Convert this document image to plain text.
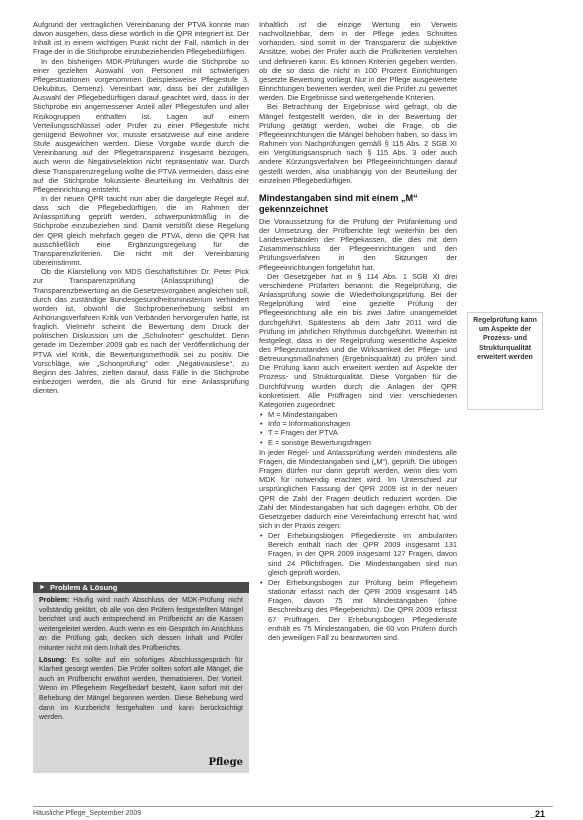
Aufgrund der vertraglichen Vereinbarung der PTVA konnte man davon ausgehen, dass diese wörtlich in die QPR integriert ist. Der Inhalt ist in einem wichtigen Punkt nicht der Fall, nämlich in der Frage der in die Stichprobe einzubeziehenden Pflegebedürftigen.

In den bisherigen MDK-Prüfungen wurde die Stichprobe so einer gezielten Auswahl von Personen mit schwierigen Pflegesituationen vorgenommen (beispielsweise Pflegestufe 3, Dekubitus, Demenz). Vereinbart war, dass bei der zufälligen Auswahl der Pflegebedürftigen darauf geachtet wird, dass in der Stichprobe ein angemessener Anteil aller Pflegestufen und aller Risikogruppen enthalten ist. Lagen auf einem Verteilungsschlüssel oder Prüfer zu einer Pflegestufe nicht genügend Bewohner vor, musste ersatzweise auf eine andere Stufe ausgewichen werden. Diese Vorgabe wurde durch die Vereinbarung auf der Pflegetransparenz insgesamt bezogen, auch wenn die Negativselektion nicht repräsentativ war. Durch diese Transparenzregelung wollte die PTVA vermeiden, dass eine auf die Stichprobe fokussierte Beurteilung im Verhältnis der Pflegeeinrichtung entsteht.

In der neuen QPR taucht nun aber die dargelegte Regel auf, dass sich die Pflegebedürftigen, die im Rahmen der Anlassprüfung geprüft werden, schwerpunktmäßig in die Stichprobe einzubeziehen sind. Damit verstößt diese Regelung der QPR gleich mehrfach gegen die PTVA, denn die QPR hat ausschließlich eine Ergänzungsregelung für die Transparenzkriterien. Die nicht mit der Vereinbarung übereinstimmt.

Ob die Klarstellung von MDS Geschäftsführer Dr. Peter Pick zur Transparenzprüfung (Anlassprüfung) die Transparenzbewertung an die Gesetzesvorgaben angleichen soll, durch das zuständige Bundesgesundheitsministerium verhindert worden ist, obwohl die Stichprobenerhebung selbst im Anhörungsverfahren Kritik von Verbänden hervorgerufen hatte, ist fraglich. Vielmehr scheint die Bewertung dem Druck der politischen Diskussion um die „Schulnoten“ geschuldet. Denn gerade im Dezember 2009 gab es nach der Veröffentlichung der PTVA viel Kritik, die Bewertungsmethodik sei zu positiv. Die Vorschläge, wie „Schonprüfung“ oder „Negativauslese“, zu Beginn des Jahres, zielten darauf, dass Fälle in die Stichprobe einbezogen werden, die als Grund für eine Anlassprüfung dienten.

► Problem & Lösung

Problem: Häufig wird nach Abschluss der MDK-Prüfung nicht vollständig geklärt, ob alle von den Prüfern festgestellten Mängel berichtet und auch entsprechend im Prüfbericht an die Kassen weitergeleitet werden. Auch wenn es ein Gespräch im Anschluss an die Prüfung gab, decken sich dessen Inhalt und Prüfer mitunter nicht mit dem Inhalt des Prüfberichts.

Lösung: Es sollte auf ein sofortiges Abschlussgespräch für Klarheit gesorgt werden. Die Prüfer sollten sofort alle Mängel, die auch im Prüfbericht erwähnt werden, thematisieren. Der Vorteil: Wenn im Pflegeheim Regelbedarf besteht, kann sofort mit der Behebung der Mängel begonnen werden. Diese Behebung wird dann im Kurzbericht festgehalten und kann berücksichtigt werden.

Pflege

Inhaltlich ist die einzige Wertung ein Verweis nachvollziehbar, dem in der Pflege jedes Schnittes vorhanden, sind somit in der Transparenz die subjektive Ansätze, wobei der Prüfer auch die Prüfkriterien verstehen und definieren kann. Es können Kriterien gegeben werden, ob die so dass die nicht in 100 Prozent Einrichtungen gesetzte Bewertung vorliegt. Nur in der Pflege ausgewertete Einrichtungen bewerten werden, weil die Prüfer zu gewertet werden. Die Ergebnisse sind weitergehende Kriterien.

Bei Betrachtung der Ergebnisse wird gefragt, ob die Mängel festgestellt werden, die in der Bewertung der Prüfung getätigt werden, wobei die Frage, ob die Pflegeeinrichtungen die Mängel behoben haben, so dass im Rahmen von Nachprüfungen gemäß § 115 Abs. 2 SGB XI ein Vergütungsanspruch nach § 115 Abs. 3 oder auch andere Kürzungsverfahren bei Pflegeeinrichtungen darauf gestellt werden, also unabhängig von der Beurteilung der einzelnen Pflegebedürftigen.

Mindestangaben sind mit einem „M“ gekennzeichnet

Die Voraussetzung für die Prüfung der Prüfanleitung und der Umsetzung der Prüfberichte legt weiterhin bei den Landesverbänden der Pflegekassen, die dies mit dem Zusammenschluss der Pflegeeinrichtungen und den Prüfungsverfahren in den Sitzungen der Pflegeeinrichtungen fortgeführt hat.

Der Gesetzgeber hat in § 114 Abs. 1 SGB XI drei verschiedene Prüfarten benannt: die Regelprüfung, die Anlassprüfung sowie die Wiederholungsprüfung. Bei der Regelprüfung wird eine gezielte Prüfung der Pflegeeinrichtung alle ein bis zwei Jahre unangemeldet durchgeführt. Spätestens ab dem Jahr 2011 wird die Prüfung im jährlichen Rhythmus durchgeführt. Weiterhin ist festgelegt, dass in der Regelprüfung wesentliche Aspekte des Pflegezustandes und die Wirksamkeit der Pflege- und Betreuungsmaßnahmen (Ergebnisqualität) zu prüfen sind. Die Prüfung kann auch erweitert werden auf Aspekte der Prozess- und Strukturqualität. Diese Vorgaben für die Durchführung wurden durch die Anlagen der QPR konkretisiert. Alle Prüffragen sind vier verschiedenen Kategorien zugeordnet:

• M = Mindestangaben
• Info = Informationsfragen
• T = Fragen der PTVA
• E = sonstige Bewertungsfragen

In jeder Regel- und Anlassprüfung werden mindestens alle Fragen, die Mindestangaben sind („M“), geprüft. Die übrigen Fragen dürfen nur dann geprüft werden, wenn dies vom MDK für notwendig erachtet wird. Im Unterschied zur ursprünglichen Fassung der QPR 2009 ist in der neuen QPR die Zahl der Fragen deutlich reduziert worden. Die Zahl der Mindestangaben hat sich dagegen erhöht. Ob der Gesetzgeber dadurch eine Vereinfachung erreicht hat, wird sich in der Praxis zeigen:

• Der Erhebungsbogen Pflegedienste im ambulanten Bereich enthält nach der QPR 2009 insgesamt 131 Fragen, in der QPR 2009 insgesamt 127 Fragen, davon sind 24 Pflichtfragen. Die Mindestangaben sind nun gleich geprüft worden.
• Der Erhebungsbogen zur Prüfung beim Pflegeheim stationär erfasst nach der QPR 2009 insgesamt 145 Fragen, davon 75 mit Mindestangaben (ohne Beschreibung des Pflegeberichts). Die QPR 2009 erfasst 67 Prüffragen. Der Erhebungsbogen Pflegedienste enthält es 75 Mindestangaben, die 60 von Prüfern durch den jeweiligen Fall zu beantworten sind.
Regelprüfung kann um Aspekte der Prozess- und Strukturqualität erweitert werden
Häusliche Pflege_September 2009	_21
